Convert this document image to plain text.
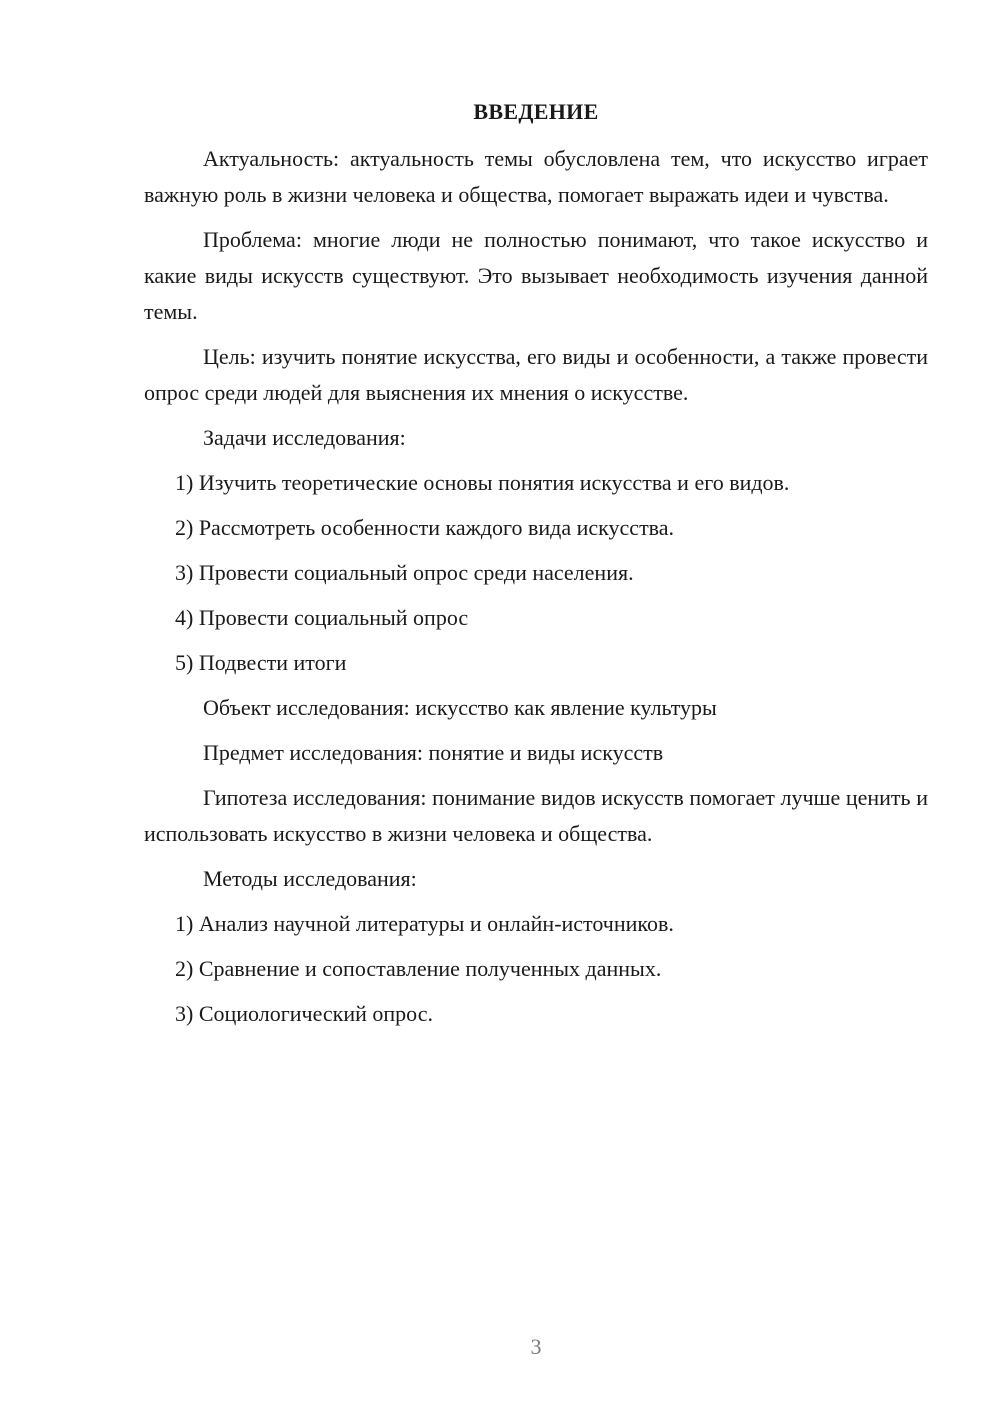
ВВЕДЕНИЕ

Актуальность: актуальность темы обусловлена тем, что искусство играет важную роль в жизни человека и общества, помогает выражать идеи и чувства.

Проблема: многие люди не полностью понимают, что такое искусство и какие виды искусств существуют. Это вызывает необходимость изучения данной темы.

Цель: изучить понятие искусства, его виды и особенности, а также провести опрос среди людей для выяснения их мнения о искусстве.

Задачи исследования:

1) Изучить теоретические основы понятия искусства и его видов.

2) Рассмотреть особенности каждого вида искусства.

3) Провести социальный опрос среди населения.

4) Провести социальный опрос

5) Подвести итоги

Объект исследования: искусство как явление культуры

Предмет исследования: понятие и виды искусств

Гипотеза исследования: понимание видов искусств помогает лучше ценить и использовать искусство в жизни человека и общества.

Методы исследования:

1) Анализ научной литературы и онлайн-источников.

2) Сравнение и сопоставление полученных данных.

3) Социологический опрос.

3
